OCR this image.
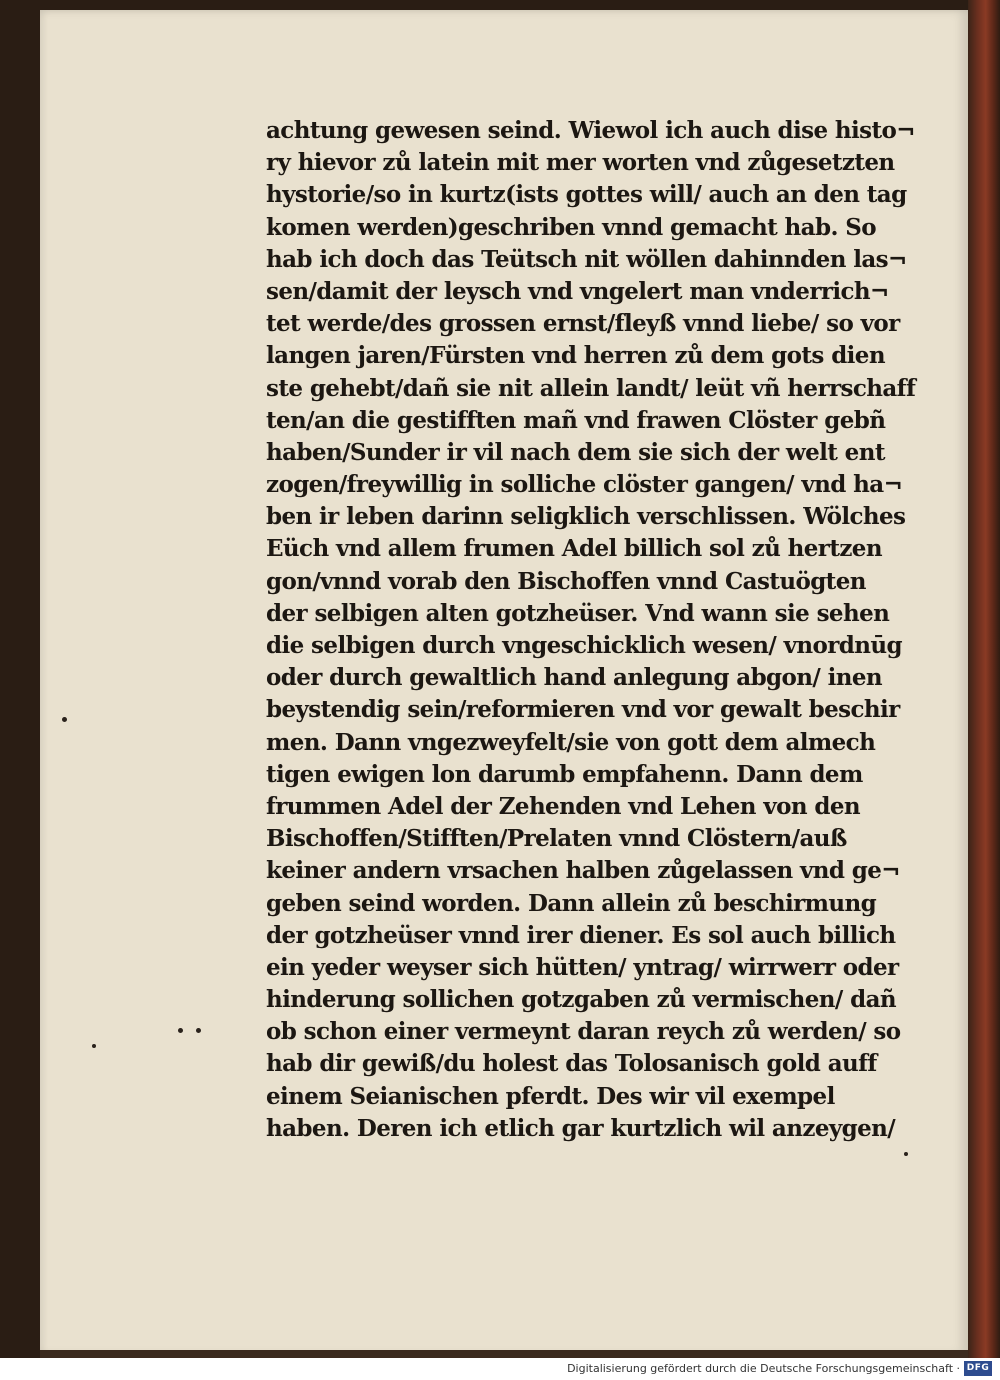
achtung gewesen seind. Wiewol ich auch dise histo¬
ry hievor zů latein mit mer worten vnd zůgesetzten
hystorie/so in kurtz(ists gottes will/ auch an den tag
komen werden)geschriben vnnd gemacht hab. So
hab ich doch das Teütsch nit wöllen dahinnden las¬
sen/damit der leysch vnd vngelert man vnderrich¬
tet werde/des grossen ernst/fleyß vnnd liebe/ so vor
langen jaren/Fürsten vnd herren zů dem gots dien
ste gehebt/dañ sie nit allein landt/ leüt vñ herrschaff
ten/an die gestifften mañ vnd frawen Clöster gebñ
haben/Sunder ir vil nach dem sie sich der welt ent
zogen/freywillig in solliche clöster gangen/ vnd ha¬
ben ir leben darinn seligklich verschlissen. Wölches
Eüch vnd allem frumen Adel billich sol zů hertzen
gon/vnnd vorab den Bischoffen vnnd Castuögten
der selbigen alten gotzheüser. Vnd wann sie sehen
die selbigen durch vngeschicklich wesen/ vnordnūg
oder durch gewaltlich hand anlegung abgon/ inen
beystendig sein/reformieren vnd vor gewalt beschir
men. Dann vngezweyfelt/sie von gott dem almech
tigen ewigen lon darumb empfahenn. Dann dem
frummen Adel der Zehenden vnd Lehen von den
Bischoffen/Stifften/Prelaten vnnd Clöstern/auß
keiner andern vrsachen halben zůgelassen vnd ge¬
geben seind worden. Dann allein zů beschirmung
der gotzheüser vnnd irer diener. Es sol auch billich
ein yeder weyser sich hütten/ yntrag/ wirrwerr oder
hinderung sollichen gotzgaben zů vermischen/ dañ
ob schon einer vermeynt daran reych zů werden/ so
hab dir gewiß/du holest das Tolosanisch gold auff
einem Seianischen pferdt. Des wir vil exempel
haben. Deren ich etlich gar kurtzlich wil anzeygen/
Digitalisierung gefördert durch die Deutsche Forschungsgemeinschaft · DFG
